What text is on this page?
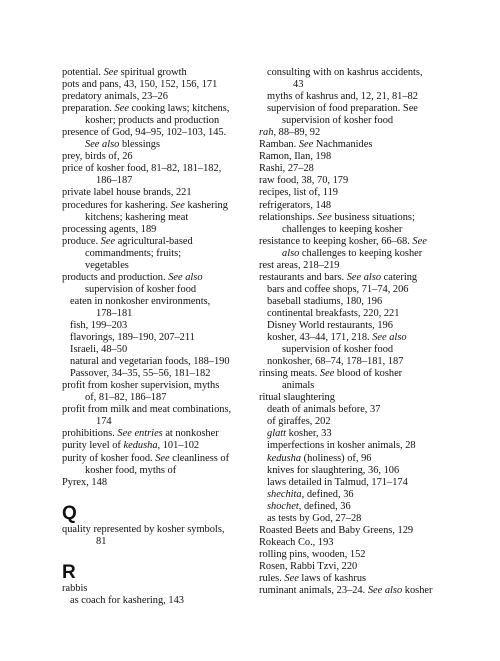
potential. See spiritual growth
pots and pans, 43, 150, 152, 156, 171
predatory animals, 23–26
preparation. See cooking laws; kitchens,
kosher; products and production
presence of God, 94–95, 102–103, 145.
See also blessings
prey, birds of, 26
price of kosher food, 81–82, 181–182,
186–187
private label house brands, 221
procedures for kashering. See kashering
kitchens; kashering meat
processing agents, 189
produce. See agricultural-based
commandments; fruits;
vegetables
products and production. See also
supervision of kosher food
eaten in nonkosher environments,
178–181
fish, 199–203
flavorings, 189–190, 207–211
Israeli, 48–50
natural and vegetarian foods, 188–190
Passover, 34–35, 55–56, 181–182
profit from kosher supervision, myths
of, 81–82, 186–187
profit from milk and meat combinations,
174
prohibitions. See entries at nonkosher
purity level of kedusha, 101–102
purity of kosher food. See cleanliness of
kosher food, myths of
Pyrex, 148
Q
quality represented by kosher symbols,
81
R
rabbis
as coach for kashering, 143
consulting with on kashrus accidents,
43
myths of kashrus and, 12, 21, 81–82
supervision of food preparation. See
supervision of kosher food
rah, 88–89, 92
Ramban. See Nachmanides
Ramon, Ilan, 198
Rashi, 27–28
raw food, 38, 70, 179
recipes, list of, 119
refrigerators, 148
relationships. See business situations;
challenges to keeping kosher
resistance to keeping kosher, 66–68. See
also challenges to keeping kosher
rest areas, 218–219
restaurants and bars. See also catering
bars and coffee shops, 71–74, 206
baseball stadiums, 180, 196
continental breakfasts, 220, 221
Disney World restaurants, 196
kosher, 43–44, 171, 218. See also
supervision of kosher food
nonkosher, 68–74, 178–181, 187
rinsing meats. See blood of kosher
animals
ritual slaughtering
death of animals before, 37
of giraffes, 202
glatt kosher, 33
imperfections in kosher animals, 28
kedusha (holiness) of, 96
knives for slaughtering, 36, 106
laws detailed in Talmud, 171–174
shechita, defined, 36
shochet, defined, 36
as tests by God, 27–28
Roasted Beets and Baby Greens, 129
Rokeach Co., 193
rolling pins, wooden, 152
Rosen, Rabbi Tzvi, 220
rules. See laws of kashrus
ruminant animals, 23–24. See also kosher
